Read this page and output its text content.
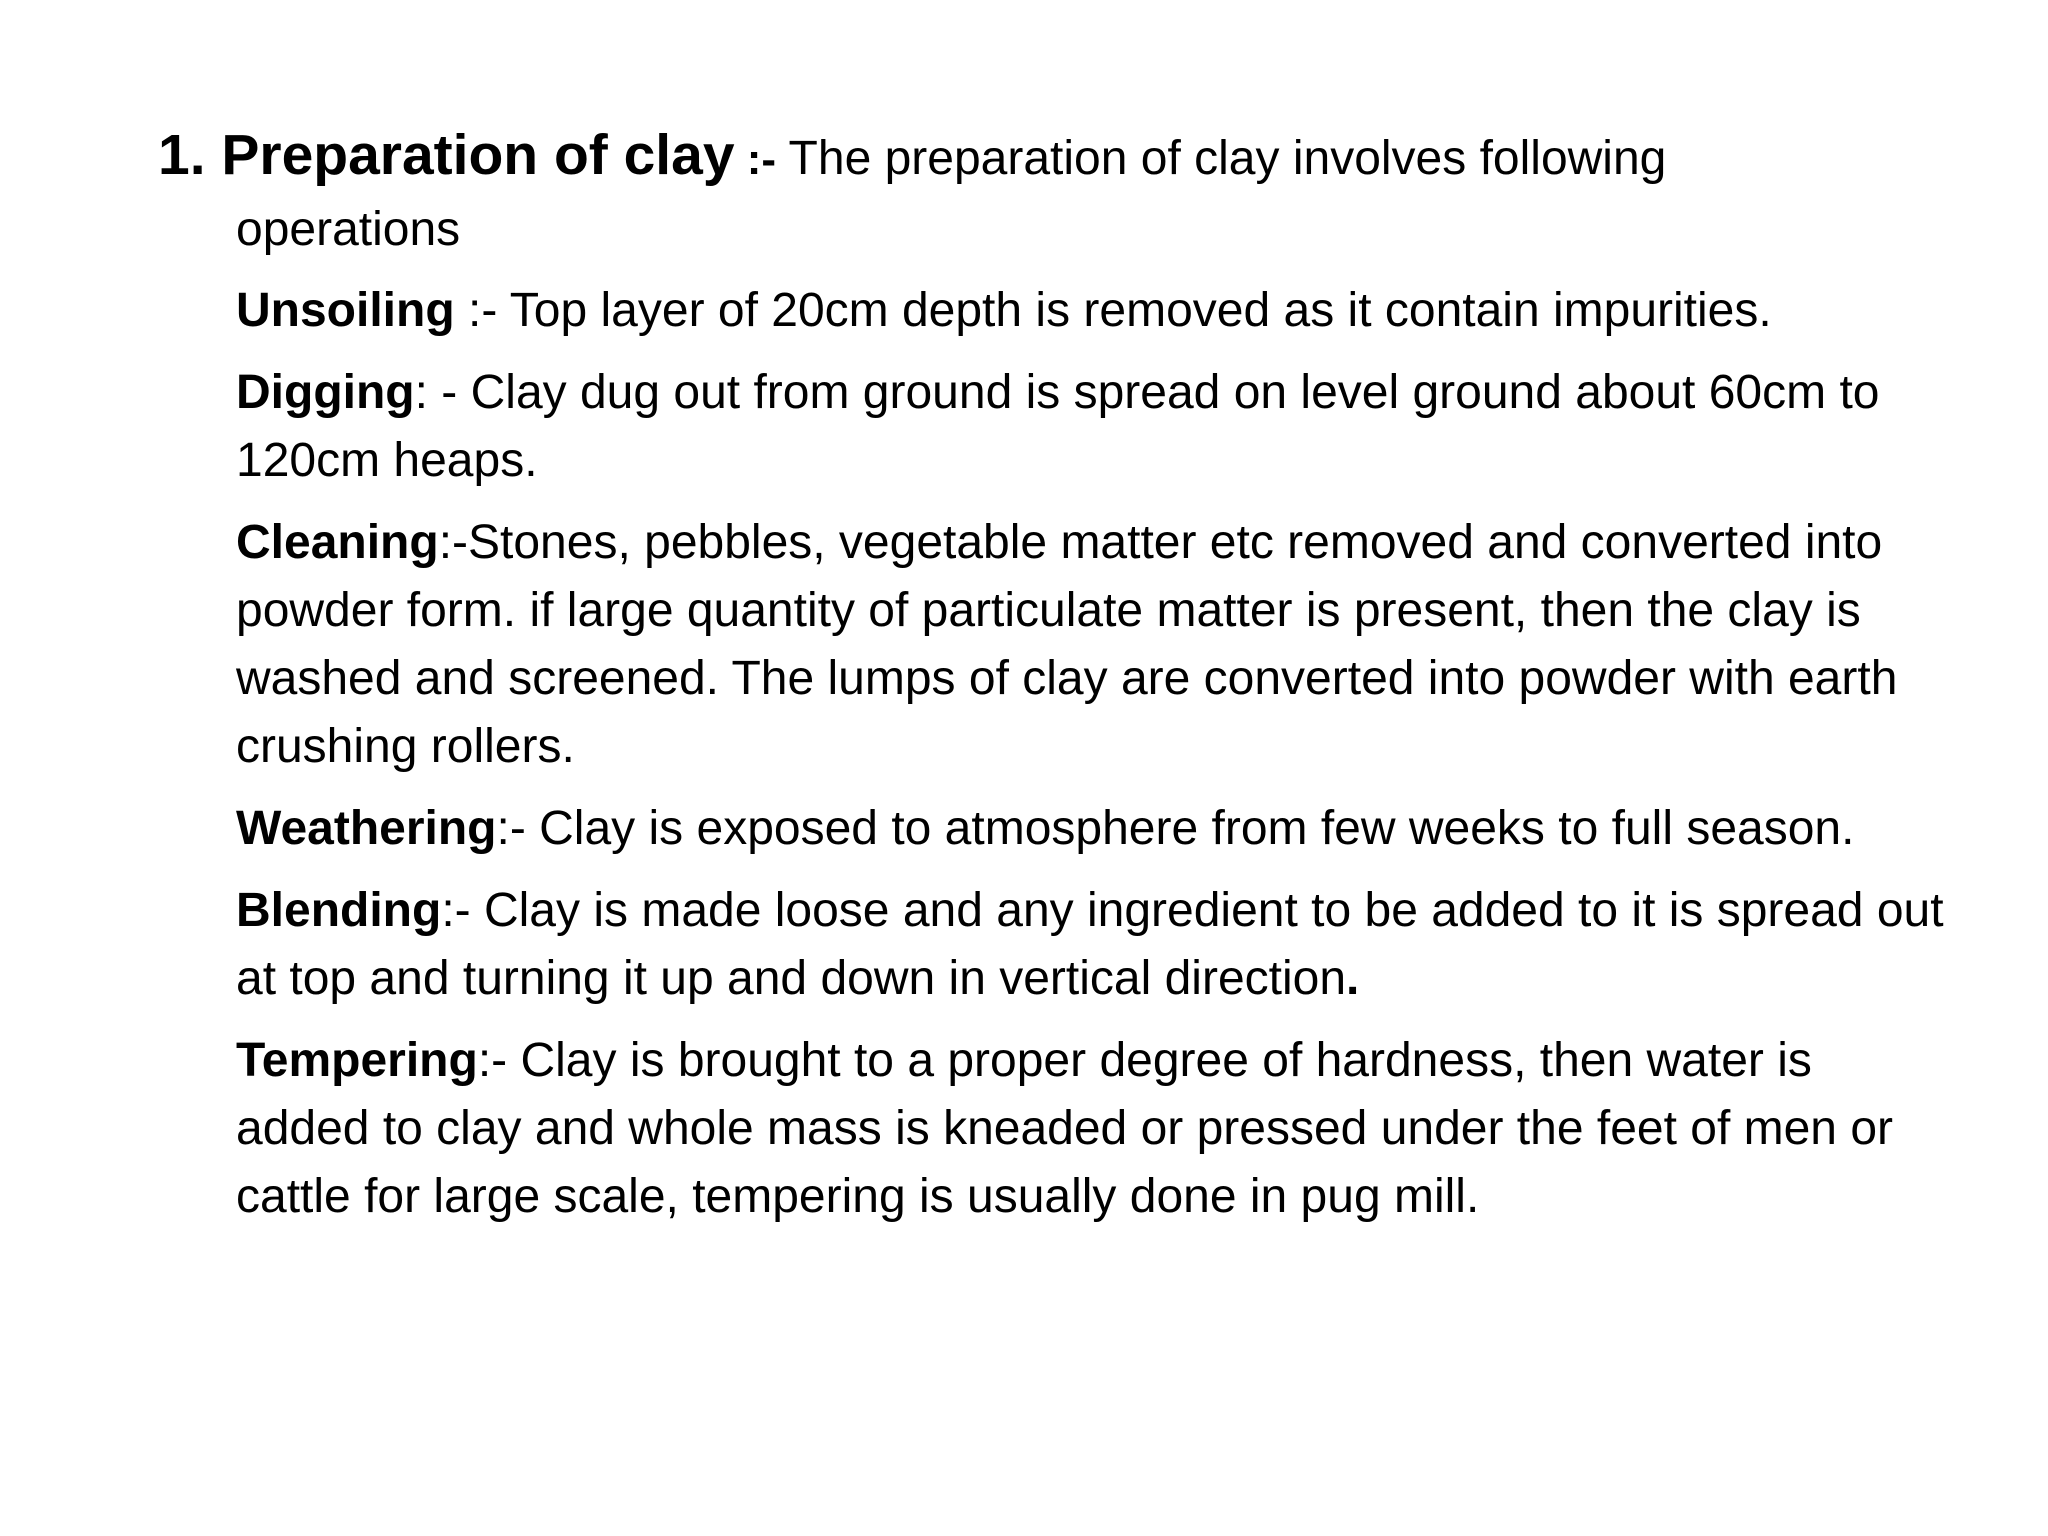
1. Preparation of clay :- The preparation of clay involves following
operations
Unsoiling :- Top layer of 20cm depth is removed as it contain impurities.
Digging: - Clay dug out from ground is spread on level ground about 60cm to 120cm heaps.
Cleaning:-Stones, pebbles, vegetable matter etc removed and converted into powder form. if large quantity of particulate matter is present, then the clay is washed and screened. The lumps of clay are converted into powder with earth crushing rollers.
Weathering:- Clay is exposed to atmosphere from few weeks to full season.
Blending:- Clay is made loose and any ingredient to be added to it is spread out at top and turning it up and down in vertical direction.
Tempering:- Clay is brought to a proper degree of hardness, then water is added to clay and whole mass is kneaded or pressed under the feet of men or cattle for large scale, tempering is usually done in pug mill.
